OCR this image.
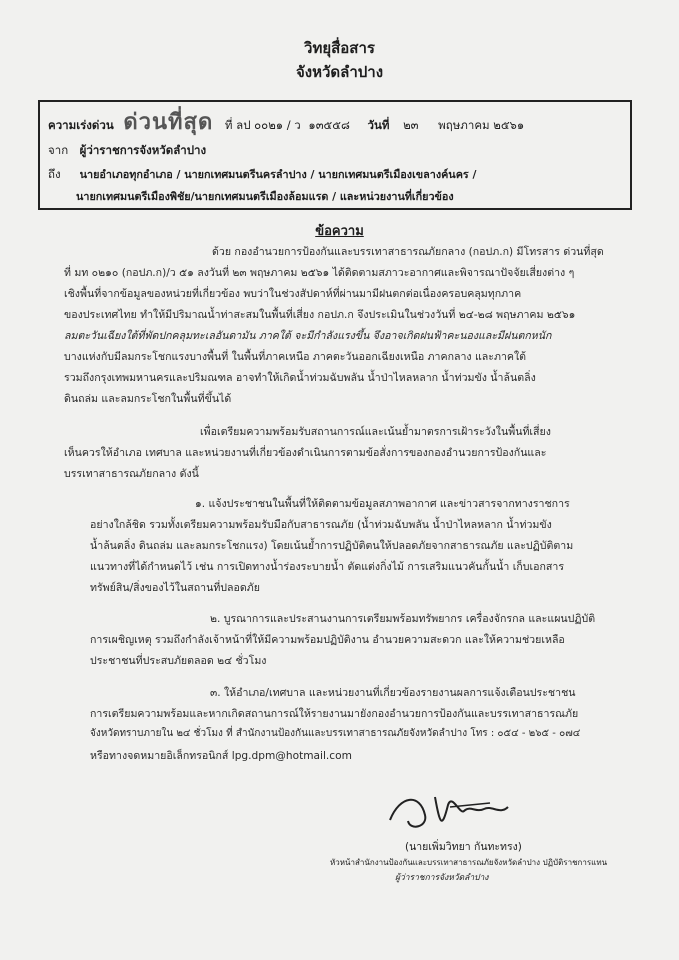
วิทยุสื่อสาร
จังหวัดลำปาง
ความเร่งด่วน ด่วนที่สุด ที่ ลป ๐๐๒๑ / ว ๑๓๕๕๘ วันที่ ๒๓ พฤษภาคม ๒๕๖๑
จาก ผู้ว่าราชการจังหวัดลำปาง
ถึง นายอำเภอทุกอำเภอ / นายกเทศมนตรีนครลำปาง / นายกเทศมนตรีเมืองเขลางค์นคร /
นายกเทศมนตรีเมืองพิชัย/นายกเทศมนตรีเมืองล้อมแรด / และหน่วยงานที่เกี่ยวข้อง
ข้อความ
ด้วย กองอำนวยการป้องกันและบรรเทาสาธารณภัยกลาง (กอปภ.ก) มีโทรสาร ด่วนที่สุด
ที่ มท ๐๒๑๐ (กอปภ.ก)/ว ๕๑ ลงวันที่ ๒๓ พฤษภาคม ๒๕๖๑ ได้ติดตามสภาวะอากาศและพิจารณาปัจจัยเสี่ยงต่าง ๆ
เชิงพื้นที่จากข้อมูลของหน่วยที่เกี่ยวข้อง พบว่าในช่วงสัปดาห์ที่ผ่านมามีฝนตกต่อเนื่องครอบคลุมทุกภาค
ของประเทศไทย ทำให้มีปริมาณน้ำท่าสะสมในพื้นที่เสี่ยง กอปภ.ก จึงประเมินในช่วงวันที่ ๒๔-๒๘ พฤษภาคม ๒๕๖๑
ลมตะวันเฉียงใต้ที่พัดปกคลุมทะเลอันดามัน ภาคใต้ จะมีกำลังแรงขึ้น จึงอาจเกิดฝนฟ้าคะนองและมีฝนตกหนัก
บางแห่งกับมีลมกระโชกแรงบางพื้นที่ ในพื้นที่ภาคเหนือ ภาคตะวันออกเฉียงเหนือ ภาคกลาง และภาคใต้
รวมถึงกรุงเทพมหานครและปริมณฑล อาจทำให้เกิดน้ำท่วมฉับพลัน น้ำป่าไหลหลาก น้ำท่วมขัง น้ำล้นตลิ่ง
ดินถล่ม และลมกระโชกในพื้นที่ขึ้นได้
เพื่อเตรียมความพร้อมรับสถานการณ์และเน้นย้ำมาตรการเฝ้าระวังในพื้นที่เสี่ยง
เห็นควรให้อำเภอ เทศบาล และหน่วยงานที่เกี่ยวข้องดำเนินการตามข้อสั่งการของกองอำนวยการป้องกันและ
บรรเทาสาธารณภัยกลาง ดังนี้
๑. แจ้งประชาชนในพื้นที่ให้ติดตามข้อมูลสภาพอากาศ และข่าวสารจากทางราชการ
อย่างใกล้ชิด รวมทั้งเตรียมความพร้อมรับมือกับสาธารณภัย (น้ำท่วมฉับพลัน น้ำป่าไหลหลาก น้ำท่วมขัง
น้ำล้นตลิ่ง ดินถล่ม และลมกระโชกแรง) โดยเน้นย้ำการปฏิบัติตนให้ปลอดภัยจากสาธารณภัย และปฏิบัติตาม
แนวทางที่ได้กำหนดไว้ เช่น การเปิดทางน้ำร่องระบายน้ำ ตัดแต่งกิ่งไม้ การเสริมแนวคันกั้นน้ำ เก็บเอกสาร
ทรัพย์สิน/สิ่งของไว้ในสถานที่ปลอดภัย
๒. บูรณาการและประสานงานการเตรียมพร้อมทรัพยากร เครื่องจักรกล และแผนปฏิบัติ
การเผชิญเหตุ รวมถึงกำลังเจ้าหน้าที่ให้มีความพร้อมปฏิบัติงาน อำนวยความสะดวก และให้ความช่วยเหลือ
ประชาชนที่ประสบภัยตลอด ๒๔ ชั่วโมง
๓. ให้อำเภอ/เทศบาล และหน่วยงานที่เกี่ยวข้องรายงานผลการแจ้งเตือนประชาชน
การเตรียมความพร้อมและหากเกิดสถานการณ์ให้รายงานมายังกองอำนวยการป้องกันและบรรเทาสาธารณภัย
จังหวัดทราบภายใน ๒๔ ชั่วโมง ที่ สำนักงานป้องกันและบรรเทาสาธารณภัยจังหวัดลำปาง โทร : ๐๕๔ - ๒๖๕ - ๐๗๔
หรือทางจดหมายอิเล็กทรอนิกส์ lpg.dpm@hotmail.com
(นายเพิ่มวิทยา กันทะทรง)
หัวหน้าสำนักงานป้องกันและบรรเทาสาธารณภัยจังหวัดลำปาง ปฏิบัติราชการแทน
ผู้ว่าราชการจังหวัดลำปาง
